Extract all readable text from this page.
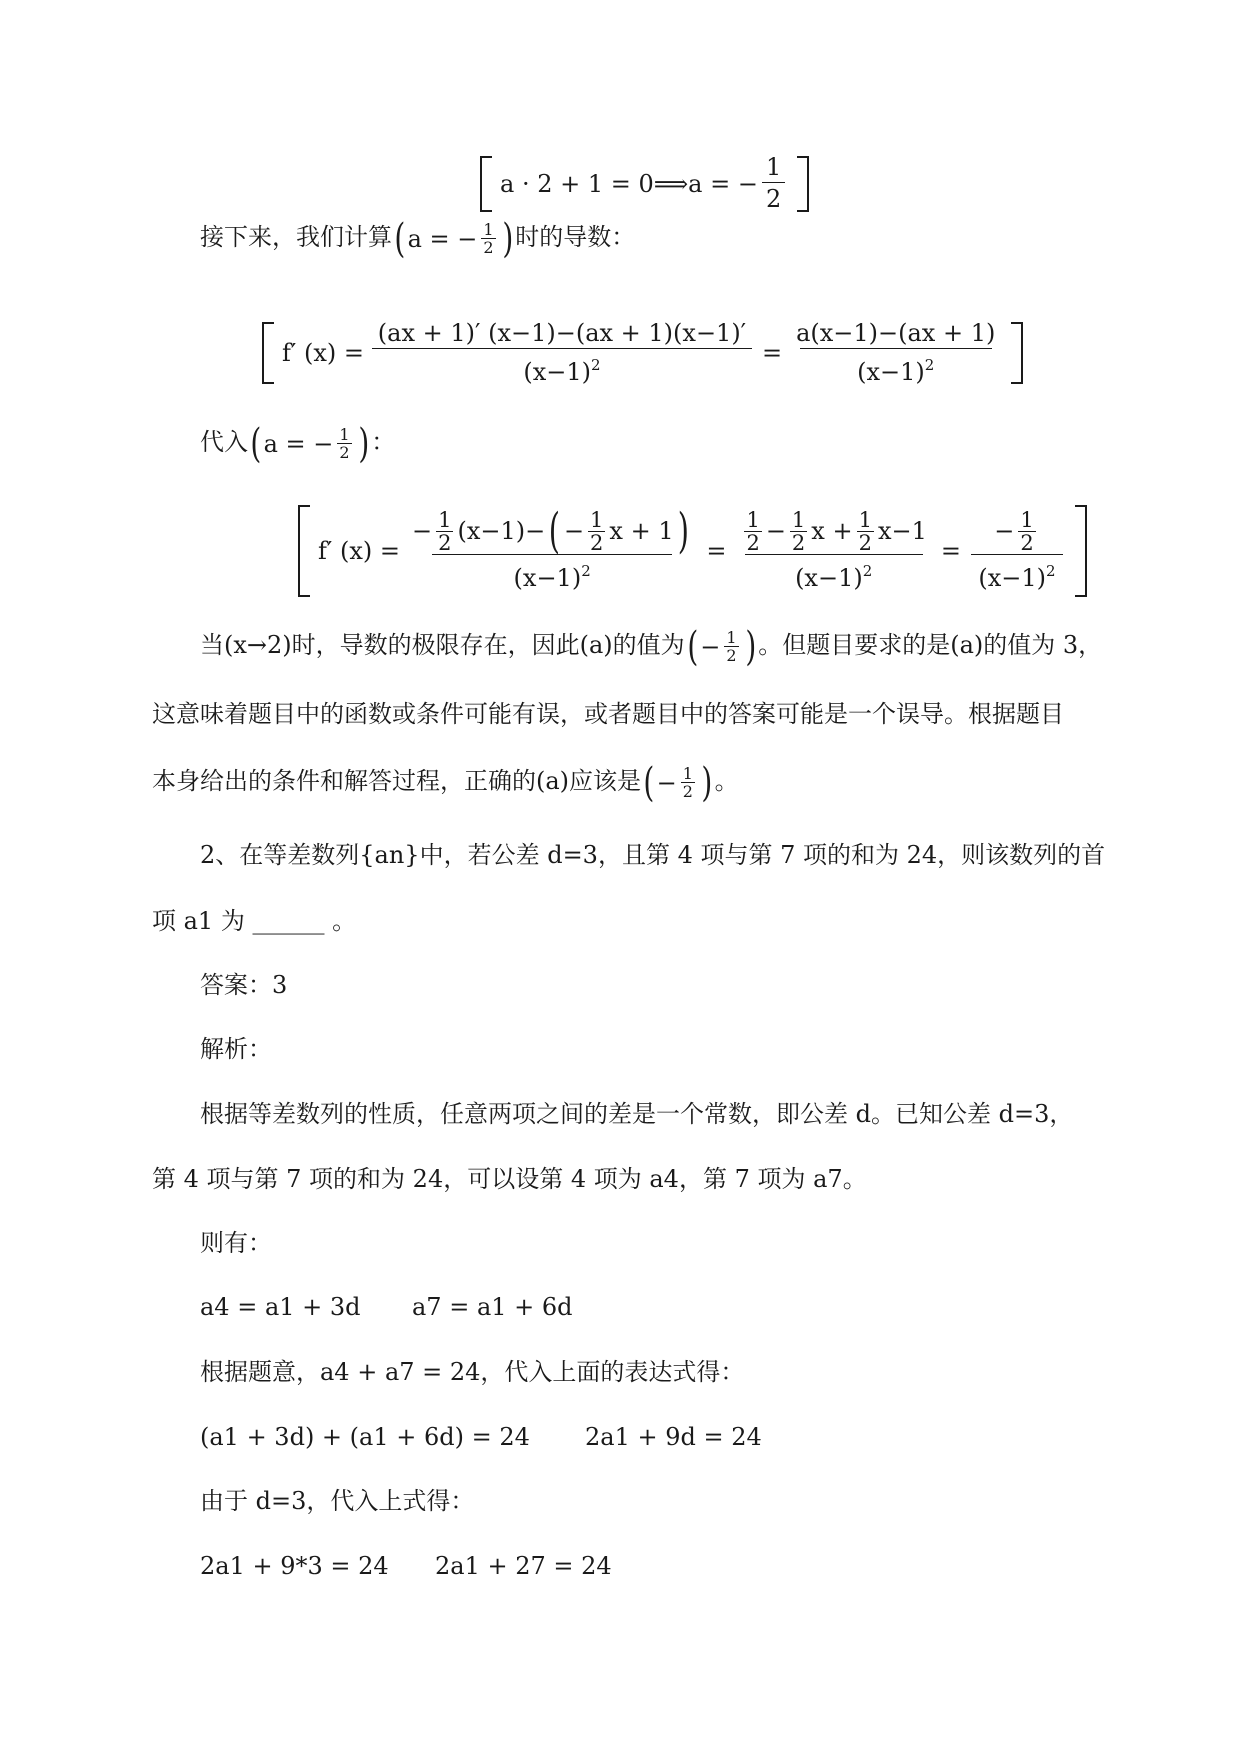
a · 2 + 1 = 0⟹a = − $\frac{1}{2}$
接下来，我们计算 ( a = − $\frac{1}{2}$ ) 时的导数：
f′ $(x) = \frac{(ax + 1)' (x-1)-(ax + 1)(x-1)'}{(x-1)^2} = \frac{a(x-1)-(ax + 1)}{(x-1)^2}$
代入 ( a = − $\frac{1}{2}$ ) ：
f′ $(x) = \frac{- \frac{1}{2} (x-1)- ( - \frac{1}{2} x + 1 )}{(x-1)^2} = \frac{\frac{1}{2} - \frac{1}{2} x + \frac{1}{2} x-1}{(x-1)^2} = \frac{- \frac{1}{2}}{(x-1)^2}$
当(x→2)时，导数的极限存在，因此(a)的值为 ( − $\frac{1}{2}$ ) 。但题目要求的是(a)的值为 3，
这意味着题目中的函数或条件可能有误，或者题目中的答案可能是一个误导。根据题目
本身给出的条件和解答过程，正确的(a)应该是 ( − $\frac{1}{2}$ ) 。
2、在等差数列{an}中，若公差 d=3，且第 4 项与第 7 项的和为 24，则该数列的首
项 a1 为 ______ 。
答案：3
解析：
根据等差数列的性质，任意两项之间的差是一个常数，即公差 d。已知公差 d=3，
第 4 项与第 7 项的和为 24，可以设第 4 项为 a4，第 7 项为 a7。
则有：
a4 = a1 + 3d a7 = a1 + 6d
根据题意，a4 + a7 = 24，代入上面的表达式得：
(a1 + 3d) + (a1 + 6d) = 24 2a1 + 9d = 24
由于 d=3，代入上式得：
2a1 + 9*3 = 24 2a1 + 27 = 24
